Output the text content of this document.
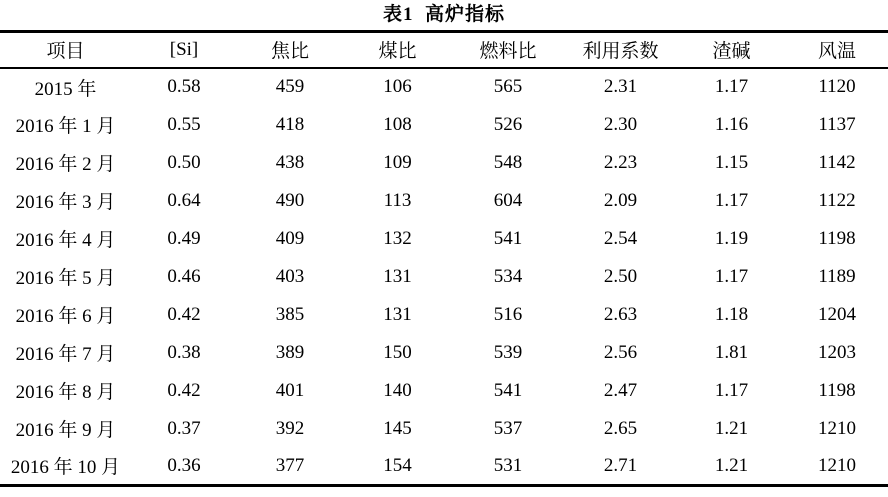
表1  高炉指标
项目	[Si]	焦比	煤比	燃料比	利用系数	渣碱	风温
2015 年	0.58	459	106	565	2.31	1.17	1120
2016 年 1 月	0.55	418	108	526	2.30	1.16	1137
2016 年 2 月	0.50	438	109	548	2.23	1.15	1142
2016 年 3 月	0.64	490	113	604	2.09	1.17	1122
2016 年 4 月	0.49	409	132	541	2.54	1.19	1198
2016 年 5 月	0.46	403	131	534	2.50	1.17	1189
2016 年 6 月	0.42	385	131	516	2.63	1.18	1204
2016 年 7 月	0.38	389	150	539	2.56	1.81	1203
2016 年 8 月	0.42	401	140	541	2.47	1.17	1198
2016 年 9 月	0.37	392	145	537	2.65	1.21	1210
2016 年 10 月	0.36	377	154	531	2.71	1.21	1210
